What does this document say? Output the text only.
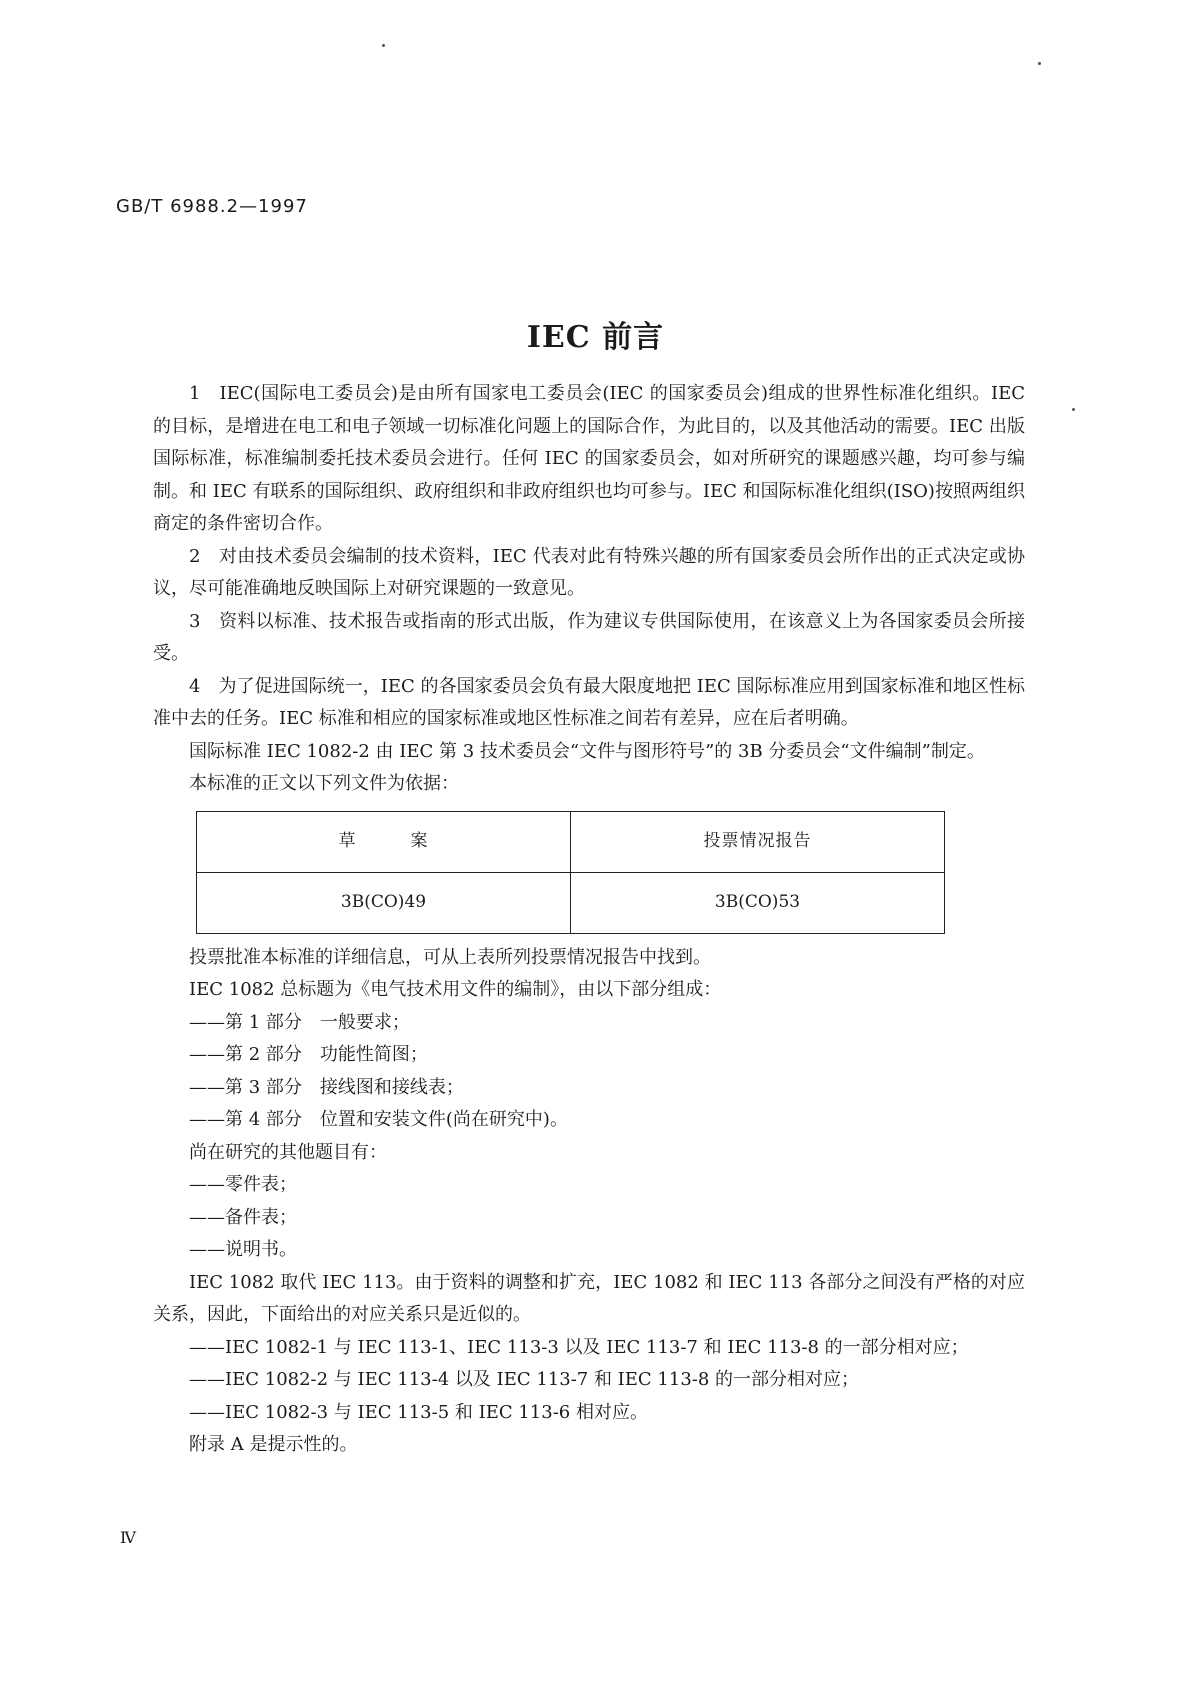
GB/T 6988.2—1997
IEC 前言

1　IEC(国际电工委员会)是由所有国家电工委员会(IEC 的国家委员会)组成的世界性标准化组织。IEC 的目标，是增进在电工和电子领域一切标准化问题上的国际合作，为此目的，以及其他活动的需要。IEC 出版国际标准，标准编制委托技术委员会进行。任何 IEC 的国家委员会，如对所研究的课题感兴趣，均可参与编制。和 IEC 有联系的国际组织、政府组织和非政府组织也均可参与。IEC 和国际标准化组织(ISO)按照两组织商定的条件密切合作。

2　对由技术委员会编制的技术资料，IEC 代表对此有特殊兴趣的所有国家委员会所作出的正式决定或协议，尽可能准确地反映国际上对研究课题的一致意见。

3　资料以标准、技术报告或指南的形式出版，作为建议专供国际使用，在该意义上为各国家委员会所接受。

4　为了促进国际统一，IEC 的各国家委员会负有最大限度地把 IEC 国际标准应用到国家标准和地区性标准中去的任务。IEC 标准和相应的国家标准或地区性标准之间若有差异，应在后者明确。

国际标准 IEC 1082-2 由 IEC 第 3 技术委员会“文件与图形符号”的 3B 分委员会“文件编制”制定。
本标准的正文以下列文件为依据：
草　　　案	投票情况报告
3B(CO)49	3B(CO)53
投票批准本标准的详细信息，可从上表所列投票情况报告中找到。
IEC 1082 总标题为《电气技术用文件的编制》，由以下部分组成：
——第 1 部分　一般要求；
——第 2 部分　功能性简图；
——第 3 部分　接线图和接线表；
——第 4 部分　位置和安装文件(尚在研究中)。
尚在研究的其他题目有：
——零件表；
——备件表；
——说明书。

IEC 1082 取代 IEC 113。由于资料的调整和扩充，IEC 1082 和 IEC 113 各部分之间没有严格的对应关系，因此，下面给出的对应关系只是近似的。

——IEC 1082-1 与 IEC 113-1、IEC 113-3 以及 IEC 113-7 和 IEC 113-8 的一部分相对应；
——IEC 1082-2 与 IEC 113-4 以及 IEC 113-7 和 IEC 113-8 的一部分相对应；
——IEC 1082-3 与 IEC 113-5 和 IEC 113-6 相对应。
附录 A 是提示性的。
Ⅳ
